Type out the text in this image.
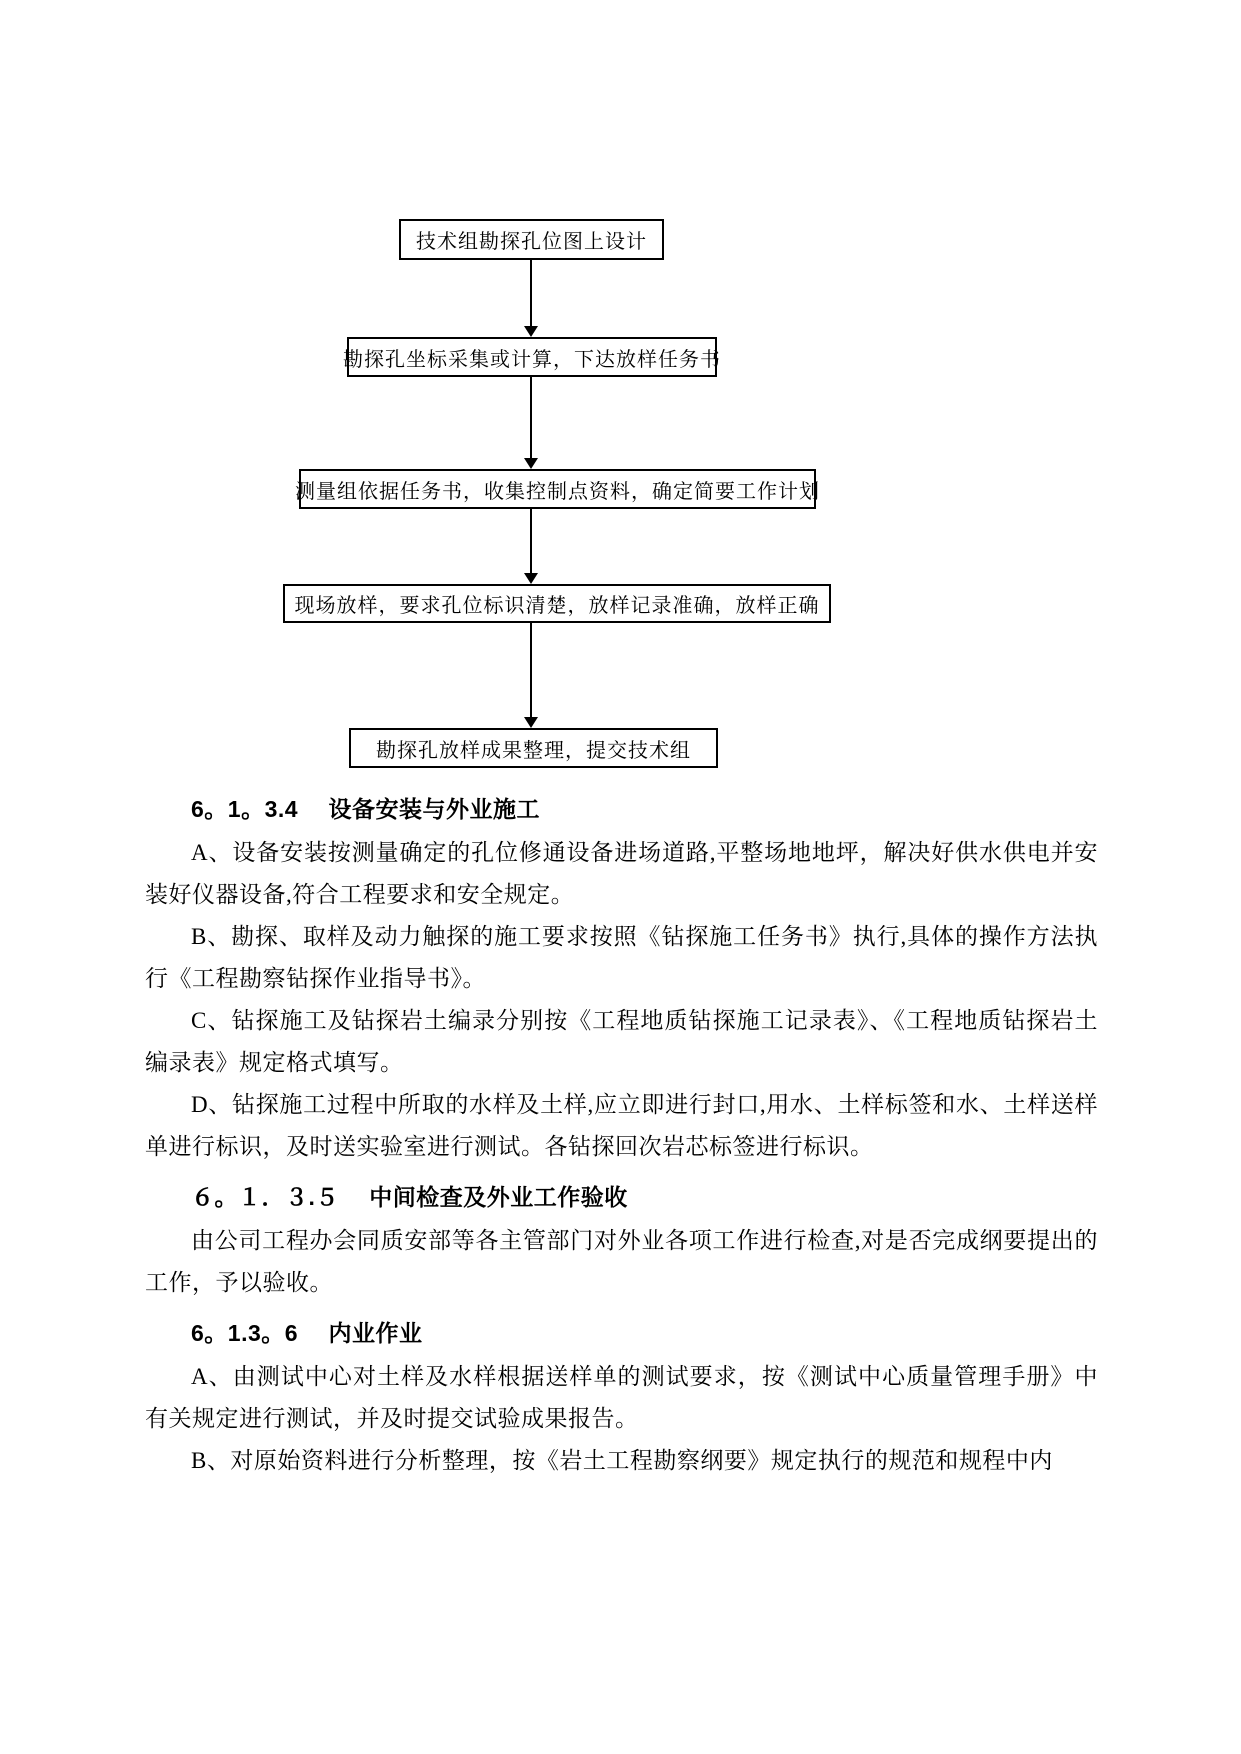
技术组勘探孔位图上设计
勘探孔坐标采集或计算，下达放样任务书
测量组依据任务书，收集控制点资料，确定简要工作计划
现场放样，要求孔位标识清楚，放样记录准确，放样正确
勘探孔放样成果整理，提交技术组
6。1。3.4　 设备安装与外业施工

A、设备安装按测量确定的孔位修通设备进场道路,平整场地地坪，解决好供水供电并安装好仪器设备,符合工程要求和安全规定。

B、勘探、取样及动力触探的施工要求按照《钻探施工任务书》执行,具体的操作方法执行《工程勘察钻探作业指导书》。

C、钻探施工及钻探岩土编录分别按《工程地质钻探施工记录表》、《工程地质钻探岩土编录表》规定格式填写。

D、钻探施工过程中所取的水样及土样,应立即进行封口,用水、土样标签和水、土样送样单进行标识，及时送实验室进行测试。各钻探回次岩芯标签进行标识。

６。１．３.５　 中间检查及外业工作验收

由公司工程办会同质安部等各主管部门对外业各项工作进行检查,对是否完成纲要提出的工作，予以验收。

6。1.3。6　 内业作业

A、由测试中心对土样及水样根据送样单的测试要求，按《测试中心质量管理手册》中有关规定进行测试，并及时提交试验成果报告。

B、对原始资料进行分析整理，按《岩土工程勘察纲要》规定执行的规范和规程中内
